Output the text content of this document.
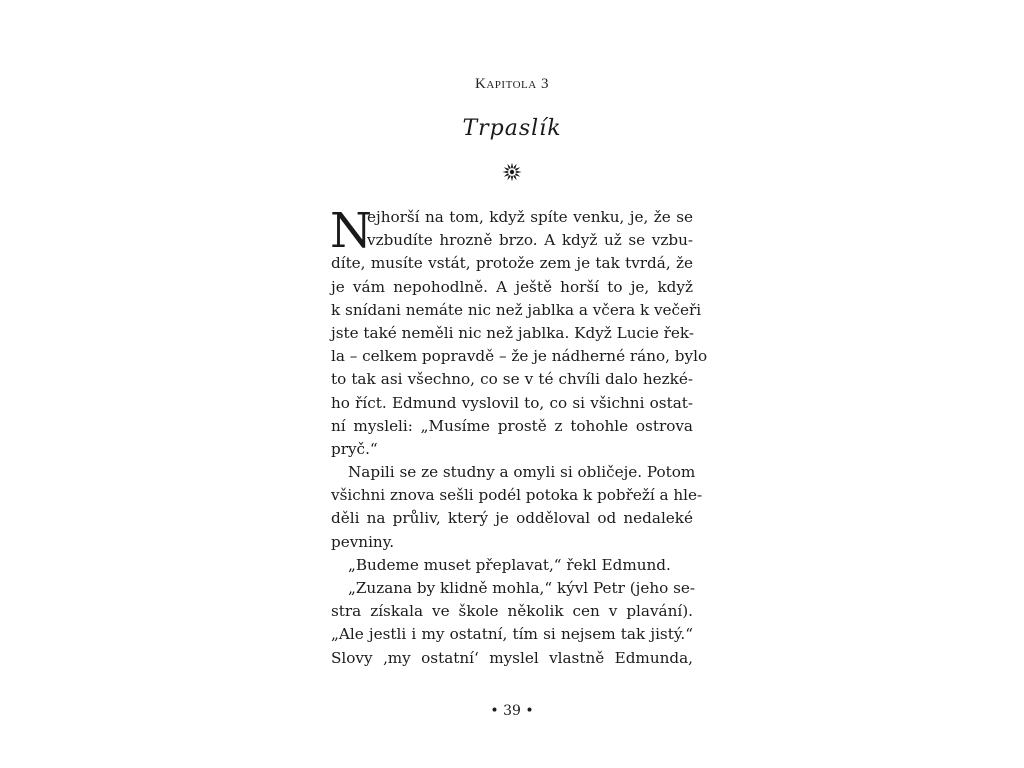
Kapitola 3
Trpaslík
N
ejhorší na tom, když spíte venku, je, že se
vzbudíte hrozně brzo. A když už se vzbu-
díte, musíte vstát, protože zem je tak tvrdá, že
je vám nepohodlně. A ještě horší to je, když
k snídani nemáte nic než jablka a včera k večeři
jste také neměli nic než jablka. Když Lucie řek-
la – celkem popravdě – že je nádherné ráno, bylo
to tak asi všechno, co se v té chvíli dalo hezké-
ho říct. Edmund vyslovil to, co si všichni ostat-
ní mysleli: „Musíme prostě z tohohle ostrova
pryč.“
Napili se ze studny a omyli si obličeje. Potom
všichni znova sešli podél potoka k pobřeží a hle-
děli na průliv, který je odděloval od nedaleké
pevniny.
„Budeme muset přeplavat,“ řekl Edmund.
„Zuzana by klidně mohla,“ kývl Petr (jeho se-
stra získala ve škole několik cen v plavání).
„Ale jestli i my ostatní, tím si nejsem tak jistý.“
Slovy ‚my ostatní‘ myslel vlastně Edmunda,
• 39 •
